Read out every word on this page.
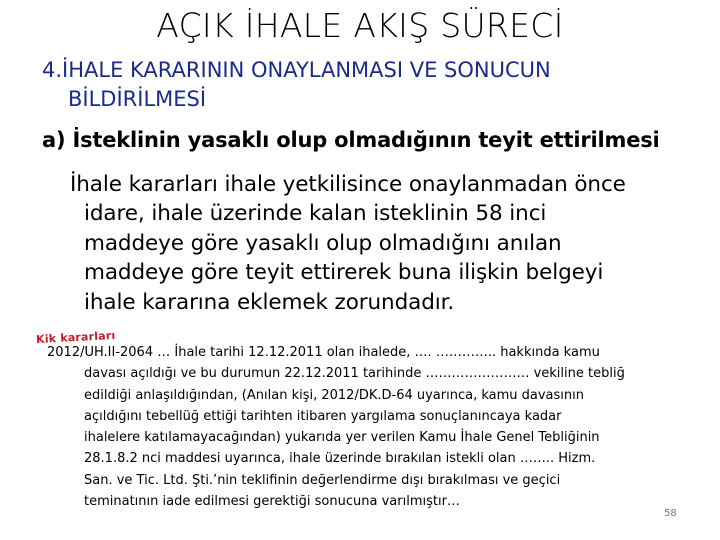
AÇIK İHALE AKIŞ SÜRECİ
4.İHALE KARARININ ONAYLANMASI VE SONUCUN
BİLDİRİLMESİ
a) İsteklinin yasaklı olup olmadığının teyit ettirilmesi
İhale kararları ihale yetkilisince onaylanmadan önce
idare, ihale üzerinde kalan isteklinin 58 inci
maddeye göre yasaklı olup olmadığını anılan
maddeye göre teyit ettirerek buna ilişkin belgeyi
ihale kararına eklemek zorundadır.
Kik kararları
2012/UH.II-2064 … İhale tarihi 12.12.2011 olan ihalede, …. ………….. hakkında kamu
davası açıldığı ve bu durumun 22.12.2011 tarihinde …………………… vekiline tebliğ
edildiği anlaşıldığından, (Anılan kişi, 2012/DK.D-64 uyarınca, kamu davasının
açıldığını tebellüğ ettiği tarihten itibaren yargılama sonuçlanıncaya kadar
ihalelere katılamayacağından) yukarıda yer verilen Kamu İhale Genel Tebliğinin
28.1.8.2 nci maddesi uyarınca, ihale üzerinde bırakılan istekli olan …….. Hizm.
San. ve Tic. Ltd. Şti.’nin teklifinin değerlendirme dışı bırakılması ve geçici
teminatının iade edilmesi gerektiği sonucuna varılmıştır…
58
